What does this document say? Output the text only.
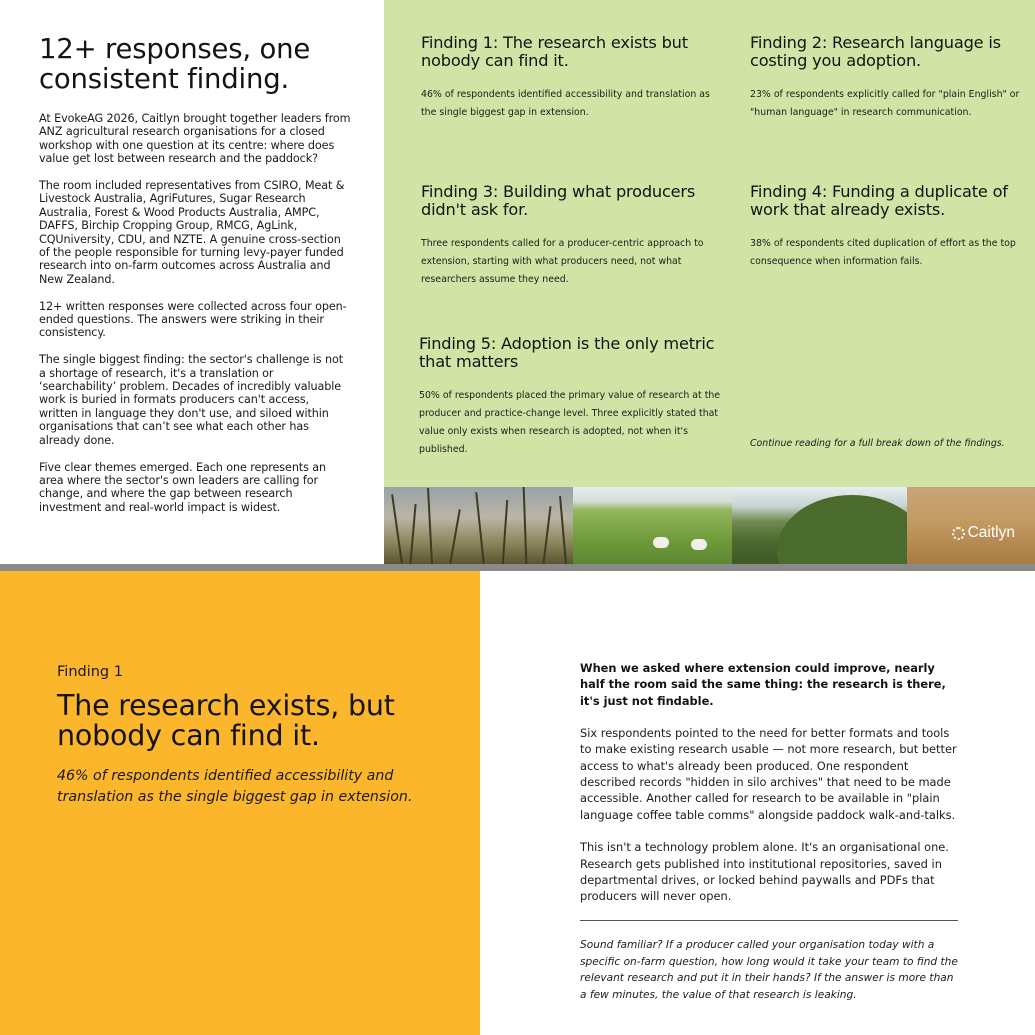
12+ responses, one consistent finding.

At EvokeAG 2026, Caitlyn brought together leaders from ANZ agricultural research organisations for a closed workshop with one question at its centre: where does value get lost between research and the paddock?

The room included representatives from CSIRO, Meat & Livestock Australia, AgriFutures, Sugar Research Australia, Forest & Wood Products Australia, AMPC, DAFFS, Birchip Cropping Group, RMCG, AgLink, CQUniversity, CDU, and NZTE. A genuine cross-section of the people responsible for turning levy-payer funded research into on-farm outcomes across Australia and New Zealand.

12+ written responses were collected across four open-ended questions. The answers were striking in their consistency.

The single biggest finding: the sector's challenge is not a shortage of research, it's a translation or ‘searchability’ problem. Decades of incredibly valuable work is buried in formats producers can't access, written in language they don't use, and siloed within organisations that can’t see what each other has already done.

Five clear themes emerged. Each one represents an area where the sector's own leaders are calling for change, and where the gap between research investment and real-world impact is widest.

Finding 1: The research exists but nobody can find it.

46% of respondents identified accessibility and translation as the single biggest gap in extension.

Finding 2: Research language is costing you adoption.

23% of respondents explicitly called for "plain English" or "human language" in research communication.

Finding 3: Building what producers didn't ask for.

Three respondents called for a producer-centric approach to extension, starting with what producers need, not what researchers assume they need.

Finding 4: Funding a duplicate of work that already exists.

38% of respondents cited duplication of effort as the top consequence when information fails.

Finding 5: Adoption is the only metric that matters

50% of respondents placed the primary value of research at the producer and practice-change level. Three explicitly stated that value only exists when research is adopted, not when it's published.

Continue reading for a full break down of the findings.
Caitlyn
Finding 1
The research exists, but nobody can find it.
46% of respondents identified accessibility and translation as the single biggest gap in extension.
When we asked where extension could improve, nearly half the room said the same thing: the research is there, it's just not findable.

Six respondents pointed to the need for better formats and tools to make existing research usable — not more research, but better access to what's already been produced. One respondent described records "hidden in silo archives" that need to be made accessible. Another called for research to be available in "plain language coffee table comms" alongside paddock walk-and-talks.

This isn't a technology problem alone. It's an organisational one. Research gets published into institutional repositories, saved in departmental drives, or locked behind paywalls and PDFs that producers will never open.

Sound familiar? If a producer called your organisation today with a specific on-farm question, how long would it take your team to find the relevant research and put it in their hands? If the answer is more than a few minutes, the value of that research is leaking.
